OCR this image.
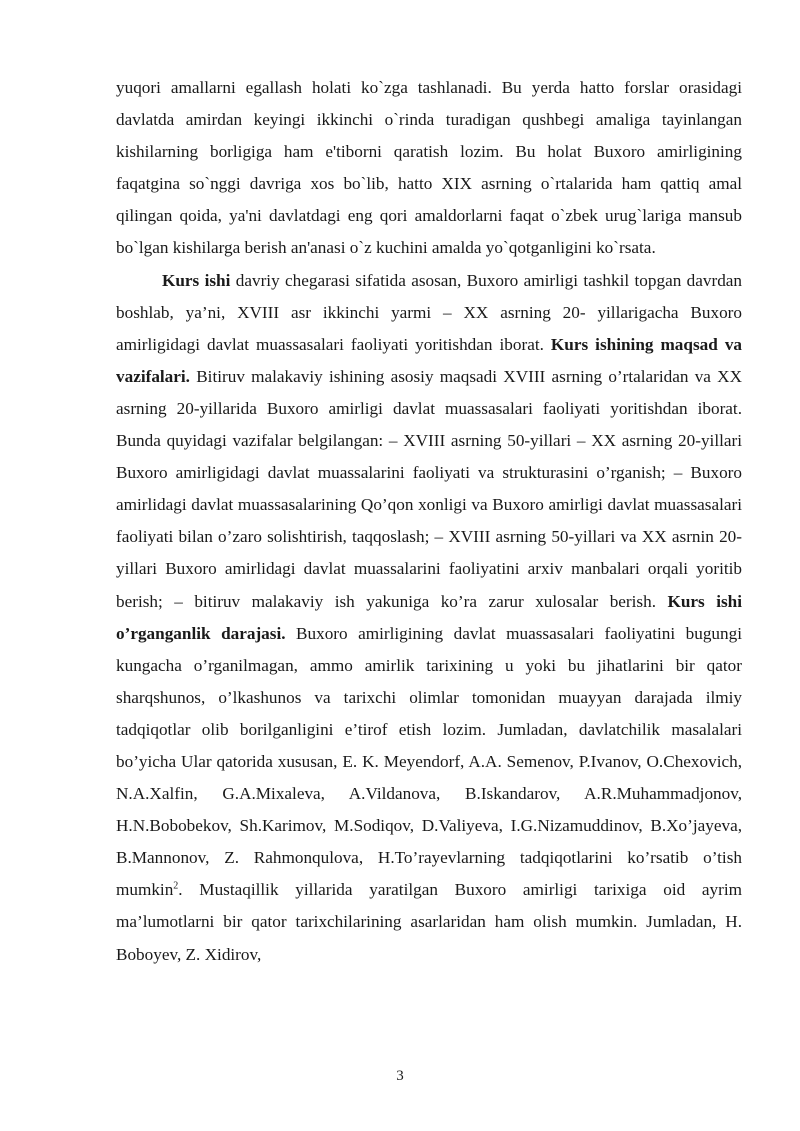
yuqori amallarni egallash holati ko`zga tashlanadi. Bu yerda hatto forslar orasidagi davlatda amirdan keyingi ikkinchi o`rinda turadigan qushbegi amaliga tayinlangan kishilarning borligiga ham e'tiborni qaratish lozim. Bu holat Buxoro amirligining faqatgina so`nggi davriga xos bo`lib, hatto XIX asrning o`rtalarida ham qattiq amal qilingan qoida, ya'ni davlatdagi eng qori amaldorlarni faqat o`zbek urug`lariga mansub bo`lgan kishilarga berish an'anasi o`z kuchini amalda yo`qotganligini ko`rsata.

Kurs ishi davriy chegarasi sifatida asosan, Buxoro amirligi tashkil topgan davrdan boshlab, ya’ni, XVIII asr ikkinchi yarmi – XX asrning 20- yillarigacha Buxoro amirligidagi davlat muassasalari faoliyati yoritishdan iborat. Kurs ishining maqsad va vazifalari. Bitiruv malakaviy ishining asosiy maqsadi XVIII asrning o’rtalaridan va XX asrning 20-yillarida Buxoro amirligi davlat muassasalari faoliyati yoritishdan iborat. Bunda quyidagi vazifalar belgilangan: – XVIII asrning 50-yillari – XX asrning 20-yillari Buxoro amirligidagi davlat muassalarini faoliyati va strukturasini o’rganish; – Buxoro amirlidagi davlat muassasalarining Qo’qon xonligi va Buxoro amirligi davlat muassasalari faoliyati bilan o’zaro solishtirish, taqqoslash; – XVIII asrning 50-yillari va XX asrnin 20-yillari Buxoro amirlidagi davlat muassalarini faoliyatini arxiv manbalari orqali yoritib berish; – bitiruv malakaviy ish yakuniga ko’ra zarur xulosalar berish. Kurs ishi o’rganganlik darajasi. Buxoro amirligining davlat muassasalari faoliyatini bugungi kungacha o’rganilmagan, ammo amirlik tarixining u yoki bu jihatlarini bir qator sharqshunos, o’lkashunos va tarixchi olimlar tomonidan muayyan darajada ilmiy tadqiqotlar olib borilganligini e’tirof etish lozim. Jumladan, davlatchilik masalalari bo’yicha Ular qatorida xususan, E. K. Meyendorf, A.A. Semenov, P.Ivanov, O.Chexovich, N.A.Xalfin, G.A.Mixaleva, A.Vildanova, B.Iskandarov, A.R.Muhammadjonov, H.N.Bobobekov, Sh.Karimov, M.Sodiqov, D.Valiyeva, I.G.Nizamuddinov, B.Xo’jayeva, B.Mannonov, Z. Rahmonqulova, H.To’rayevlarning tadqiqotlarini ko’rsatib o’tish mumkin$^2$. Mustaqillik yillarida yaratilgan Buxoro amirligi tarixiga oid ayrim ma’lumotlarni bir qator tarixchilarining asarlaridan ham olish mumkin. Jumladan, H. Boboyev, Z. Xidirov,

3
